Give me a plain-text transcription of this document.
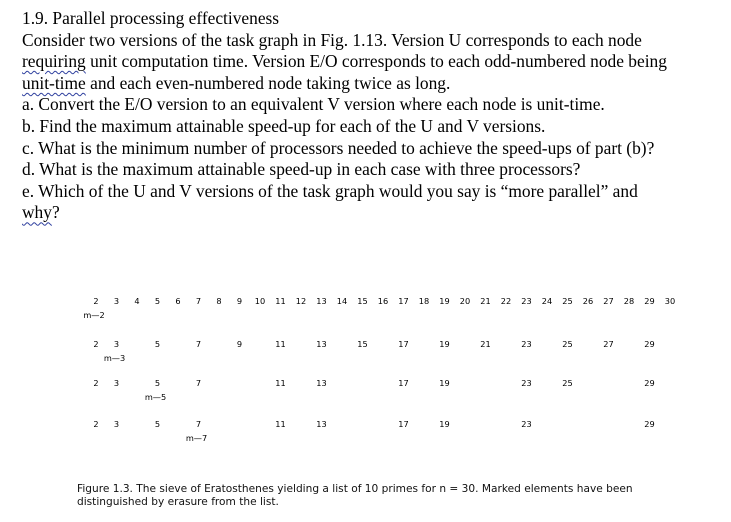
1.9. Parallel processing effectiveness

Consider two versions of the task graph in Fig. 1.13. Version U corresponds to each node

requiring unit computation time. Version E/O corresponds to each odd-numbered node being

unit-time and each even-numbered node taking twice as long.

a. Convert the E/O version to an equivalent V version where each node is unit-time.

b. Find the maximum attainable speed-up for each of the U and V versions.

c. What is the minimum number of processors needed to achieve the speed-ups of part (b)?

d. What is the maximum attainable speed-up in each case with three processors?

e. Which of the U and V versions of the task graph would you say is “more parallel” and

why?

2 3 4 5 6 7 8 9 10 11 12 13 14 15 16 17 18 19 20 21 22 23 24 25 26 27 28 29 30
m—2
2 3	5	7	9	11	13	15	17	19	21	23	25	27	29
m—3
2 3	5	7	11	13	17	19	23	25	29
m—5
2 3	5	7	11	13	17	19	23	29
m—7

Figure 1.3. The sieve of Eratosthenes yielding a list of 10 primes for n = 30. Marked elements have been

distinguished by erasure from the list.
